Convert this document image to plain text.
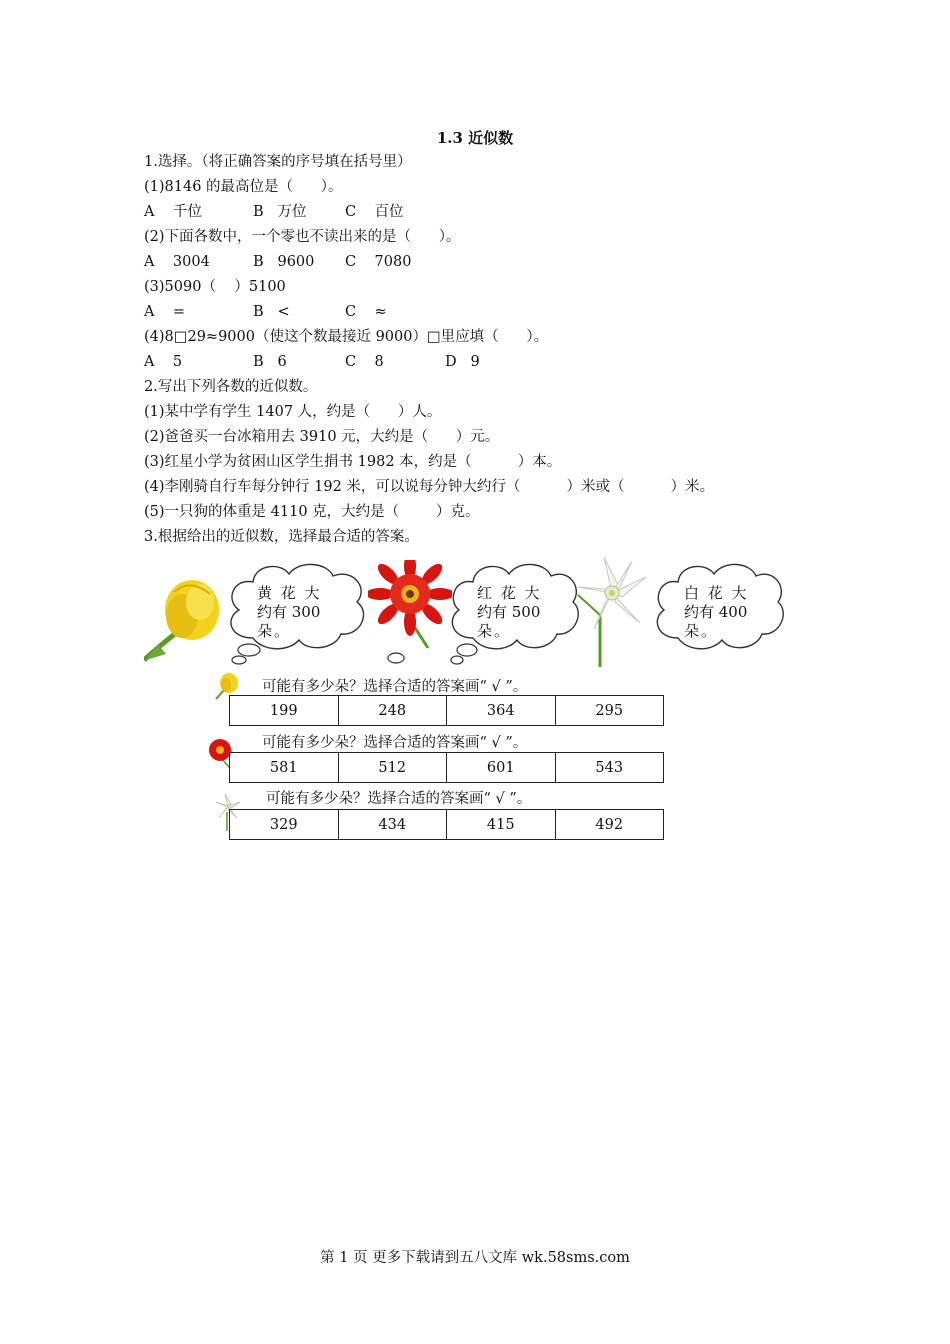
1.3 近似数
1.选择。（将正确答案的序号填在括号里）
(1)8146 的最高位是（      ）。
A    千位	B   万位	C    百位
(2)下面各数中，一个零也不读出来的是（      ）。
A    3004	B   9600 C    7080
(3)5090（    ）5100
A    =	B   <	C    ≈
(4)8□29≈9000（使这个数最接近 9000）□里应填（      ）。
A    5	B   6	C    8	D   9
2.写出下列各数的近似数。
(1)某中学有学生 1407 人，约是（      ）人。
(2)爸爸买一台冰箱用去 3910 元，大约是（      ）元。
(3)红星小学为贫困山区学生捐书 1982 本，约是（          ）本。
(4)李刚骑自行车每分钟行 192 米，可以说每分钟大约行（          ）米或（          ）米。
(5)一只狗的体重是 4110 克，大约是（        ）克。
3.根据给出的近似数，选择最合适的答案。
黄 花 大
约有 300
朵。
红 花 大
约有 500
朵。
白 花 大
约有 400
朵。
可能有多少朵？选择合适的答案画“ √ ”。
199	248	364	295
可能有多少朵？选择合适的答案画“ √ ”。
581	512	601	543
可能有多少朵？选择合适的答案画“ √ ”。
329	434	415	492
第 1 页 更多下载请到五八文库 wk.58sms.com
